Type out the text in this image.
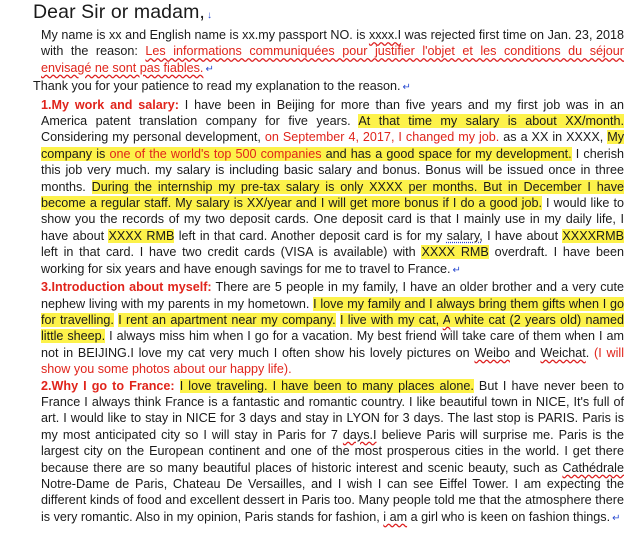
Dear Sir or madam, ↓

My name is xx and English name is xx.my passport NO. is xxxx.I was rejected first time on Jan. 23, 2018 with the reason: Les informations communiquées pour justifier l'objet et les conditions du séjour envisagé ne sont pas fiables. ↵

Thank you for your patience to read my explanation to the reason. ↵

1.My work and salary: I have been in Beijing for more than five years and my first job was in an America patent translation company for five years. At that time my salary is about XX/month. Considering my personal development, on September 4, 2017, I changed my job. as a XX in XXXX, My company is one of the world's top 500 companies and has a good space for my development. I cherish this job very much. my salary is including basic salary and bonus. Bonus will be issued once in three months. During the internship my pre-tax salary is only XXXX per months. But in December I have become a regular staff. My salary is XX/year and I will get more bonus if I do a good job. I would like to show you the records of my two deposit cards. One deposit card is that I mainly use in my daily life, I have about XXXX RMB left in that card. Another deposit card is for my salary, I have about XXXXRMB left in that card. I have two credit cards (VISA is available) with XXXX RMB overdraft. I have been working for six years and have enough savings for me to travel to France. ↵

3.Introduction about myself: There are 5 people in my family, I have an older brother and a very cute nephew living with my parents in my hometown. I love my family and I always bring them gifts when I go for travelling. I rent an apartment near my company. I live with my cat, A white cat (2 years old) named little sheep. I always miss him when I go for a vacation. My best friend will take care of them when I am not in BEIJING.I love my cat very much I often show his lovely pictures on Weibo and Weichat. (I will show you some photos about our happy life).

2.Why I go to France: I love traveling. I have been to many places alone. But I have never been to France I always think France is a fantastic and romantic country. I like beautiful town in NICE, It's full of art. I would like to stay in NICE for 3 days and stay in LYON for 3 days. The last stop is PARIS. Paris is my most anticipated city so I will stay in Paris for 7 days.I believe Paris will surprise me. Paris is the largest city on the European continent and one of the most prosperous cities in the world. I get there because there are so many beautiful places of historic interest and scenic beauty, such as Cathédrale Notre-Dame de Paris, Chateau De Versailles, and I wish I can see Eiffel Tower. I am expecting the different kinds of food and excellent dessert in Paris too. Many people told me that the atmosphere there is very romantic. Also in my opinion, Paris stands for fashion, i am a girl who is keen on fashion things. ↵
